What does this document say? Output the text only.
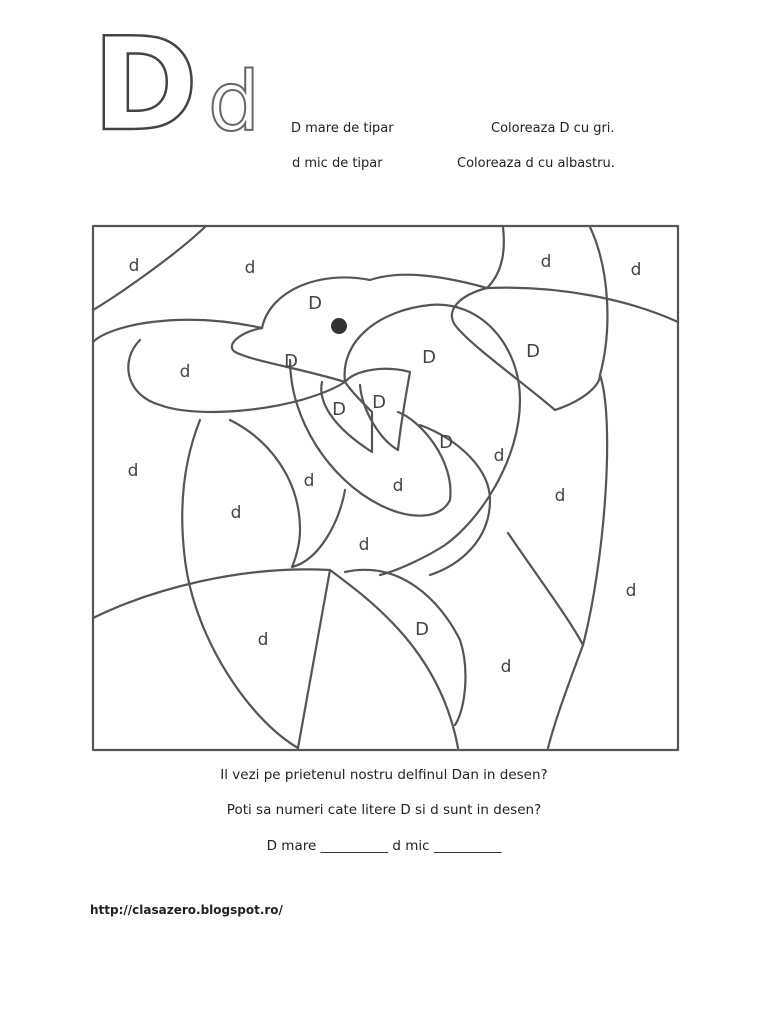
D d D mare de tipar	Coloreaza D cu gri.
d mic de tipar	Coloreaza d cu albastru.
d	d	d	d
D
d	D	D	D
D D
D
d
d	d	d
d
d
d
D
d
d
d
Il vezi pe prietenul nostru delfinul Dan in desen?
Poti sa numeri cate litere D si d sunt in desen?
D mare __________ d mic __________
http://clasazero.blogspot.ro/
